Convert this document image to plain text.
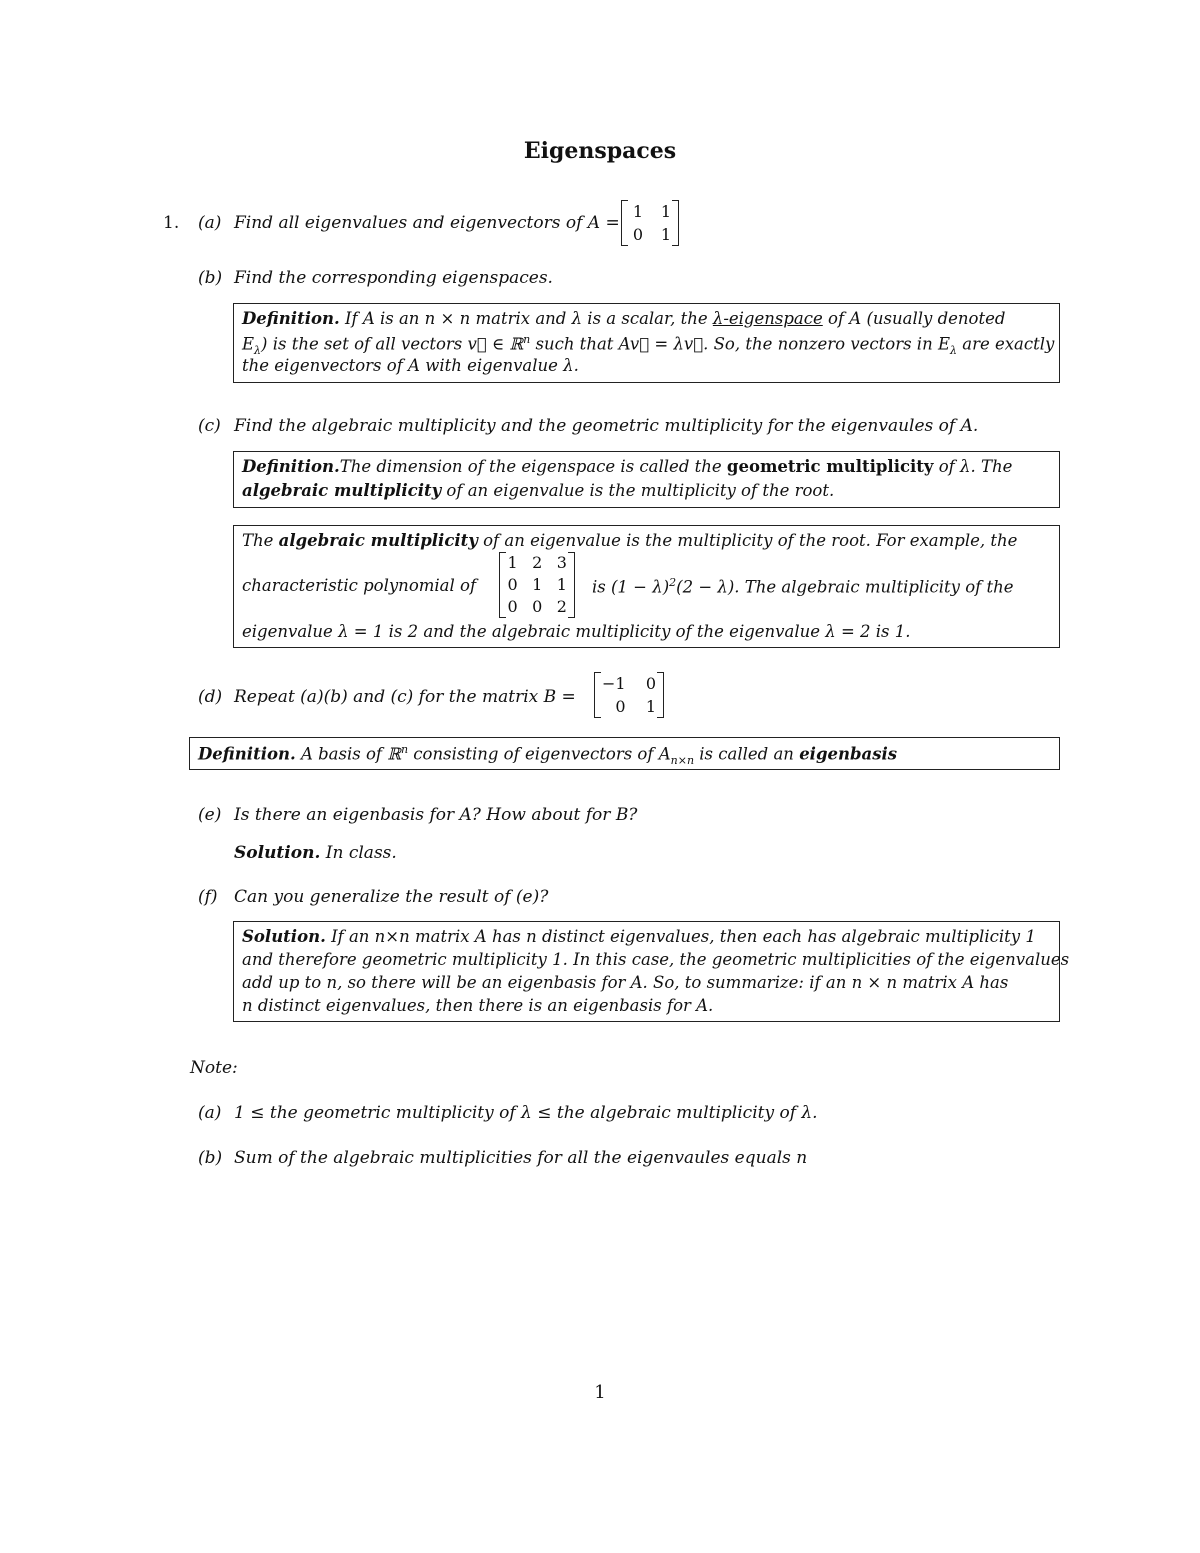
Eigenspaces
1. (a) Find all eigenvalues and eigenvectors of A =
1	1
0	1
(b) Find the corresponding eigenspaces.
Definition. If A is an n × n matrix and λ is a scalar, the λ-eigenspace of A (usually denoted
$E_\lambda$) is the set of all vectors v⃗ ∈ ℝ$^n$ such that Av⃗ = λv⃗. So, the nonzero vectors in $E_\lambda$ are exactly
the eigenvectors of A with eigenvalue λ.
(c) Find the algebraic multiplicity and the geometric multiplicity for the eigenvaules of A.
Definition.The dimension of the eigenspace is called the geometric multiplicity of λ. The
algebraic multiplicity of an eigenvalue is the multiplicity of the root.
The algebraic multiplicity of an eigenvalue is the multiplicity of the root. For example, the
characteristic polynomial of
1 2 3
0 1 1
0 0 2
is $(1 - \lambda)^2(2 - \lambda)$. The algebraic multiplicity of the
eigenvalue λ = 1 is 2 and the algebraic multiplicity of the eigenvalue λ = 2 is 1.
(d) Repeat (a)(b) and (c) for the matrix B =
−1	0
0	1
Definition. A basis of ℝ$^n$ consisting of eigenvectors of $A_{n\times n}$ is called an eigenbasis
(e) Is there an eigenbasis for A? How about for B?
Solution. In class.
(f) Can you generalize the result of (e)?
Solution. If an n×n matrix A has n distinct eigenvalues, then each has algebraic multiplicity 1
and therefore geometric multiplicity 1. In this case, the geometric multiplicities of the eigenvalues
add up to n, so there will be an eigenbasis for A. So, to summarize: if an n × n matrix A has
n distinct eigenvalues, then there is an eigenbasis for A.
Note:
(a) 1 ≤ the geometric multiplicity of λ ≤ the algebraic multiplicity of λ.
(b) Sum of the algebraic multiplicities for all the eigenvaules equals n
1
